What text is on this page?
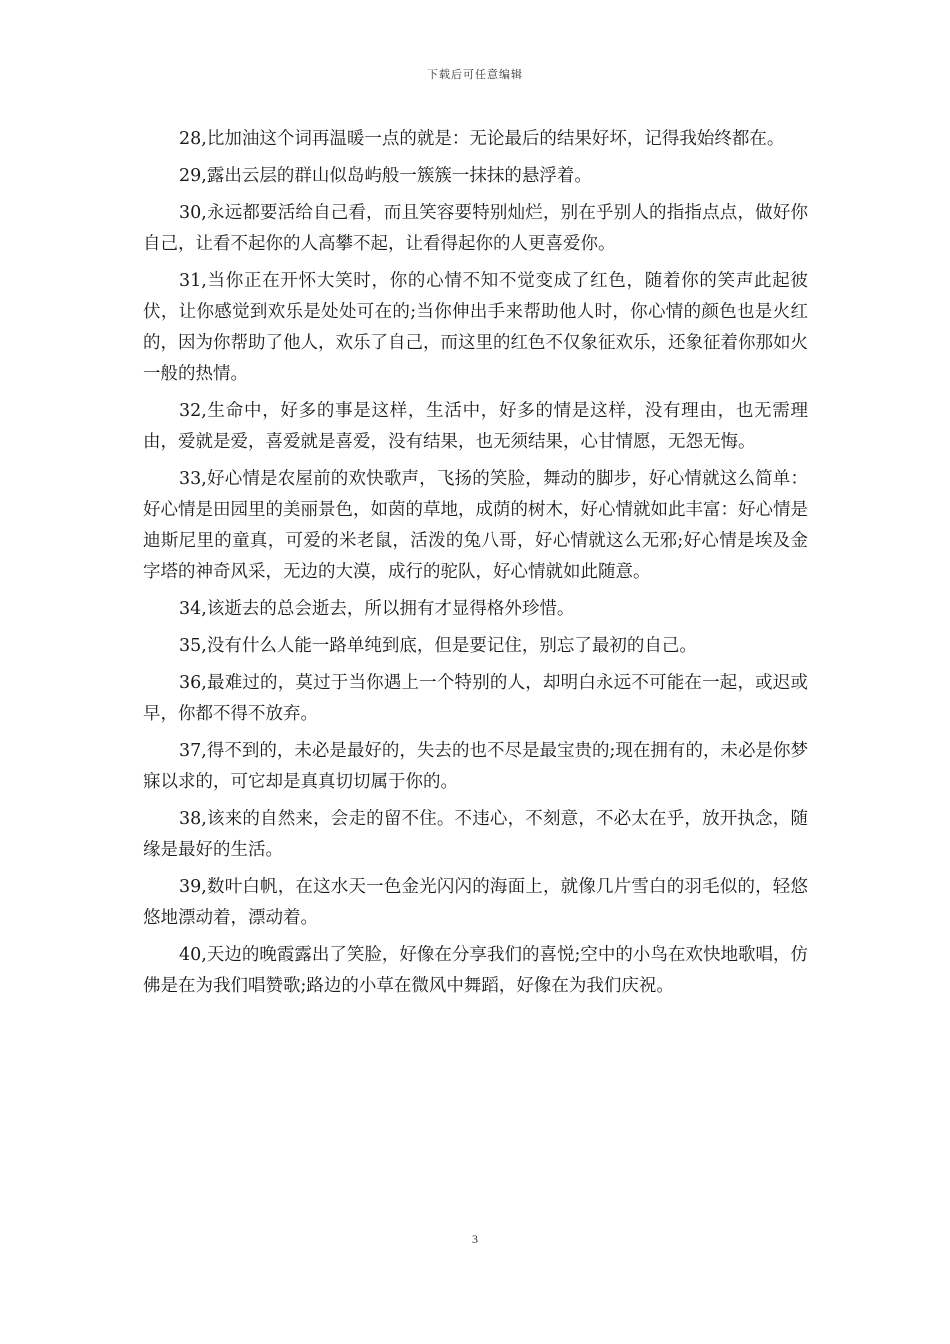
下载后可任意编辑

28,比加油这个词再温暖一点的就是：无论最后的结果好坏，记得我始终都在。

29,露出云层的群山似岛屿般一簇簇一抹抹的悬浮着。

30,永远都要活给自己看，而且笑容要特别灿烂，别在乎别人的指指点点，做好你自己，让看不起你的人高攀不起，让看得起你的人更喜爱你。

31,当你正在开怀大笑时，你的心情不知不觉变成了红色，随着你的笑声此起彼伏，让你感觉到欢乐是处处可在的;当你伸出手来帮助他人时，你心情的颜色也是火红的，因为你帮助了他人，欢乐了自己，而这里的红色不仅象征欢乐，还象征着你那如火一般的热情。

32,生命中，好多的事是这样，生活中，好多的情是这样，没有理由，也无需理由，爱就是爱，喜爱就是喜爱，没有结果，也无须结果，心甘情愿，无怨无悔。

33,好心情是农屋前的欢快歌声，飞扬的笑脸，舞动的脚步，好心情就这么简单：好心情是田园里的美丽景色，如茵的草地，成荫的树木，好心情就如此丰富：好心情是迪斯尼里的童真，可爱的米老鼠，活泼的兔八哥，好心情就这么无邪;好心情是埃及金字塔的神奇风采，无边的大漠，成行的驼队，好心情就如此随意。

34,该逝去的总会逝去，所以拥有才显得格外珍惜。

35,没有什么人能一路单纯到底，但是要记住，别忘了最初的自己。

36,最难过的，莫过于当你遇上一个特别的人，却明白永远不可能在一起，或迟或早，你都不得不放弃。

37,得不到的，未必是最好的，失去的也不尽是最宝贵的;现在拥有的，未必是你梦寐以求的，可它却是真真切切属于你的。

38,该来的自然来，会走的留不住。不违心，不刻意，不必太在乎，放开执念，随缘是最好的生活。

39,数叶白帆，在这水天一色金光闪闪的海面上，就像几片雪白的羽毛似的，轻悠悠地漂动着，漂动着。

40,天边的晚霞露出了笑脸，好像在分享我们的喜悦;空中的小鸟在欢快地歌唱，仿佛是在为我们唱赞歌;路边的小草在微风中舞蹈，好像在为我们庆祝。

3
